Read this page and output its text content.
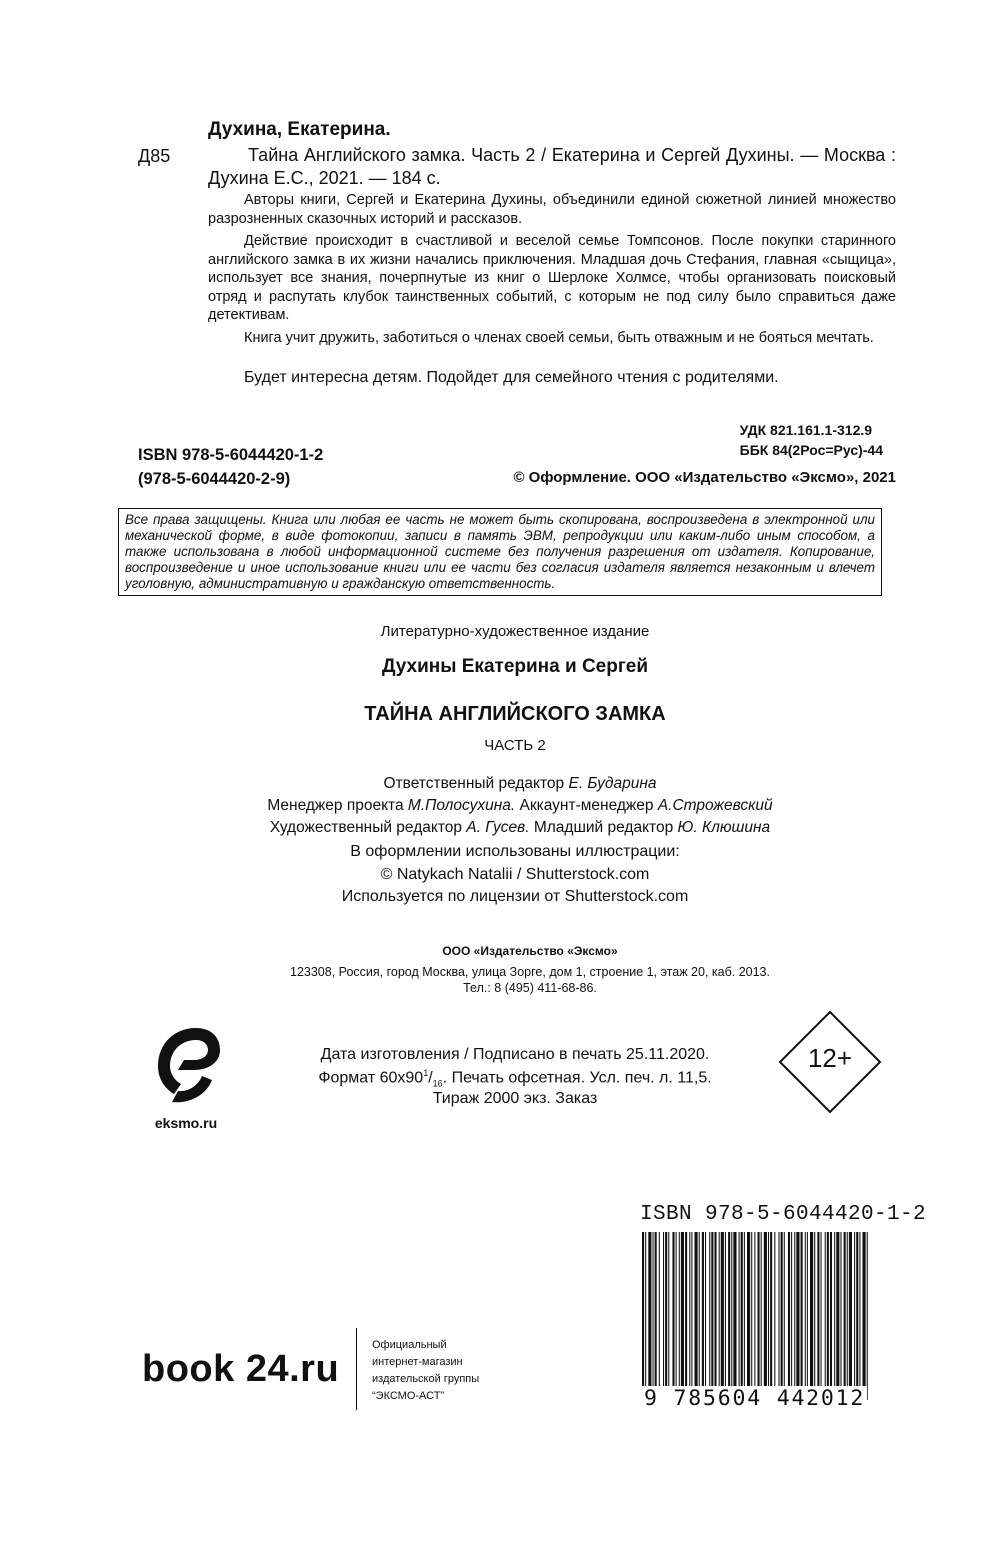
Духина, Екатерина.
Д85	Тайна Английского замка. Часть 2 / Екатерина и Сергей Духины. — Москва : Духина Е.С., 2021. — 184 с.
Авторы книги, Сергей и Екатерина Духины, объединили единой сюжетной линией множество разрозненных сказочных историй и рассказов.
Действие происходит в счастливой и веселой семье Томпсонов. После покупки старинного английского замка в их жизни начались приключения. Младшая дочь Стефания, главная «сыщица», использует все знания, почерпнутые из книг о Шерлоке Холмсе, чтобы организовать поисковый отряд и распутать клубок таинственных событий, с которым не под силу было справиться даже детективам.
Книга учит дружить, заботиться о членах своей семьи, быть отважным и не бояться мечтать.
Будет интересна детям. Подойдет для семейного чтения с родителями.
УДК 821.161.1-312.9
ББК 84(2Рос=Рус)-44
ISBN 978-5-6044420-1-2
(978-5-6044420-2-9)	© Оформление. ООО «Издательство «Эксмо», 2021
Все права защищены. Книга или любая ее часть не может быть скопирована, воспроизведена в электронной или механической форме, в виде фотокопии, записи в память ЭВМ, репродукции или каким-либо иным способом, а также использована в любой информационной системе без получения разрешения от издателя. Копирование, воспроизведение и иное использование книги или ее части без согласия издателя является незаконным и влечет уголовную, административную и гражданскую ответственность.
Литературно-художественное издание
Духины Екатерина и Сергей
ТАЙНА АНГЛИЙСКОГО ЗАМКА
ЧАСТЬ 2
Ответственный редактор Е. Бударина
Менеджер проекта М.Полосухина. Аккаунт-менеджер А.Строжевский
Художественный редактор А. Гусев. Младший редактор Ю. Клюшина
В оформлении использованы иллюстрации:
© Natykach Natalii / Shutterstock.com
Используется по лицензии от Shutterstock.com
ООО «Издательство «Эксмо»
123308, Россия, город Москва, улица Зорге, дом 1, строение 1, этаж 20, каб. 2013.
Тел.: 8 (495) 411-68-86.
eksmo.ru
Дата изготовления / Подписано в печать 25.11.2020.
Формат $60х90^1/_{16}$. Печать офсетная. Усл. печ. л. 11,5.
Тираж 2000 экз. Заказ
12+
ISBN 978-5-6044420-1-2
9 785604 442012
book 24.ru
Официальный
интернет-магазин
издательской группы
“ЭКСМО-АСТ”
